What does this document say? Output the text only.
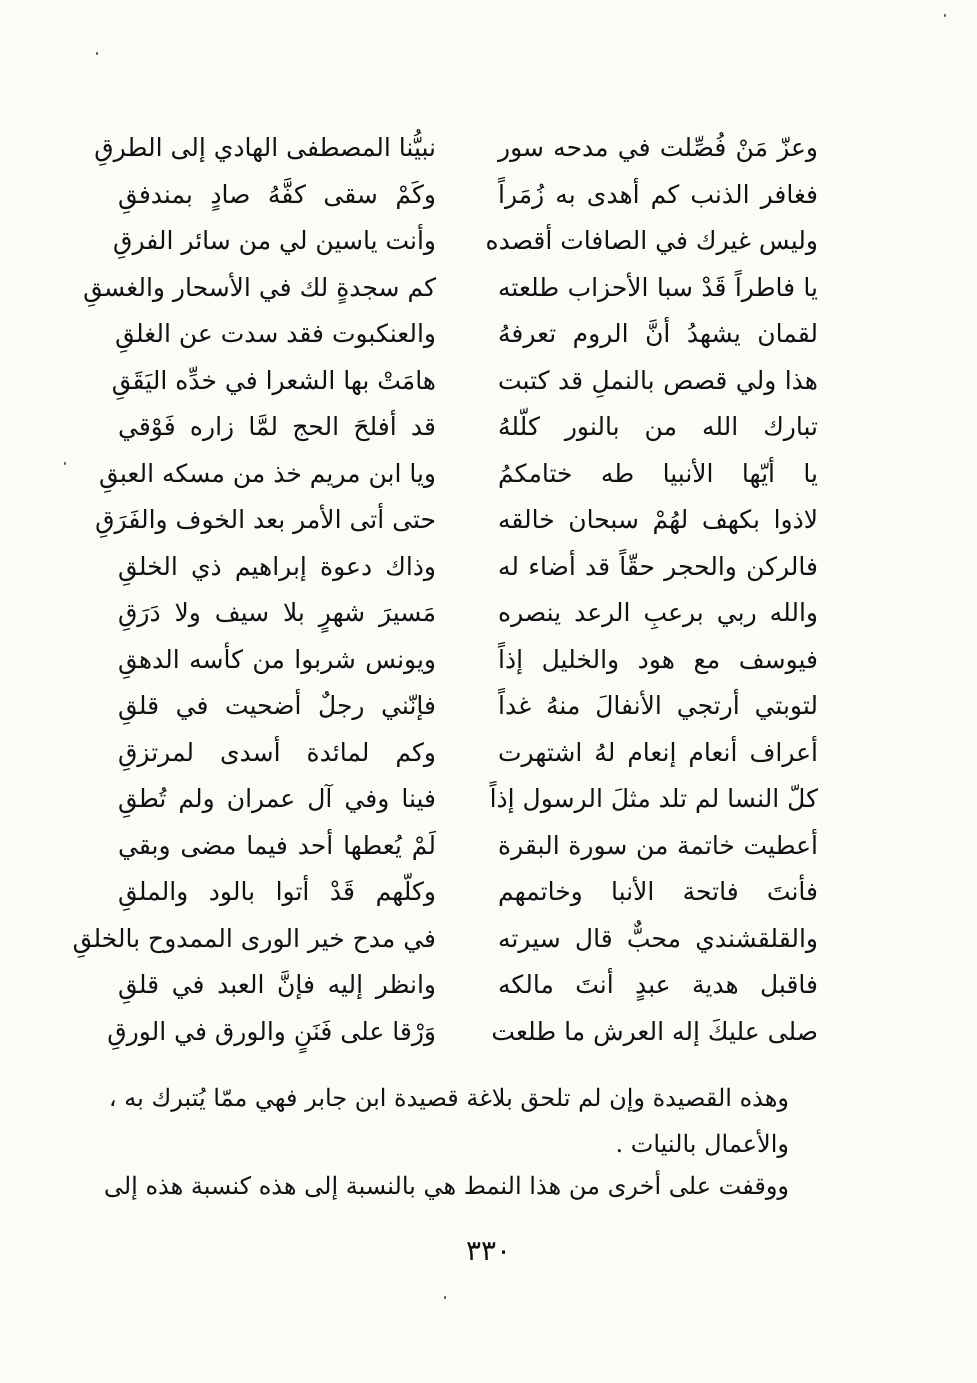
وعزّ مَنْ فُصِّلت في مدحه سور
نبيُّنا المصطفى الهادي إلى الطرقِ
فغافر الذنب كم أهدى به زُمَراً
وكَمْ سقى كفَّهُ صادٍ بمندفقِ
وليس غيرك في الصافات أقصده
وأنت ياسين لي من سائر الفرقِ
يا فاطراً قَدْ سبا الأحزاب طلعته
كم سجدةٍ لك في الأسحار والغسقِ
لقمان يشهدُ أنَّ الروم تعرفهُ
والعنكبوت فقد سدت عن الغلقِ
هذا ولي قصص بالنملِ قد كتبت
هامَتْ بها الشعرا في خدِّه اليَقَقِ
تبارك الله من بالنور كلّلهُ
قد أفلحَ الحج لمَّا زاره فَوْقي
يا أيّها الأنبيا طه ختامكمُ
ويا ابن مريم خذ من مسكه العبقِ
لاذوا بكهف لهُمْ سبحان خالقه
حتى أتى الأمر بعد الخوف والفَرَقِ
فالركن والحجر حقّاً قد أضاء له
وذاك دعوة إبراهيم ذي الخلقِ
والله ربي برعبِ الرعد ينصره
مَسيرَ شهرٍ بلا سيف ولا دَرَقِ
فيوسف مع هود والخليل إذاً
ويونس شربوا من كأسه الدهقِ
لتوبتي أرتجي الأنفالَ منهُ غداً
فإنّني رجلٌ أضحيت في قلقِ
أعراف أنعام إنعام لهُ اشتهرت
وكم لمائدة أسدى لمرتزقِ
كلّ النسا لم تلد مثلَ الرسول إذاً
فينا وفي آل عمران ولم تُطقِ
أعطيت خاتمة من سورة البقرة
لَمْ يُعطها أحد فيما مضى وبقي
فأنتَ فاتحة الأنبا وخاتمهم
وكلّهم قَدْ أتوا بالود والملقِ
والقلقشندي محبٌّ قال سيرته
في مدح خير الورى الممدوح بالخلقِ
فاقبل هدية عبدٍ أنتَ مالكه
وانظر إليه فإنَّ العبد في قلقِ
صلى عليكَ إله العرش ما طلعت
وَرْقا على فَنَنٍ والورق في الورقِ
وهذه القصيدة وإن لم تلحق بلاغة قصيدة ابن جابر فهي ممّا يُتبرك به ،
والأعمال بالنيات .
ووقفت على أخرى من هذا النمط هي بالنسبة إلى هذه كنسبة هذه إلى
٣٣٠
